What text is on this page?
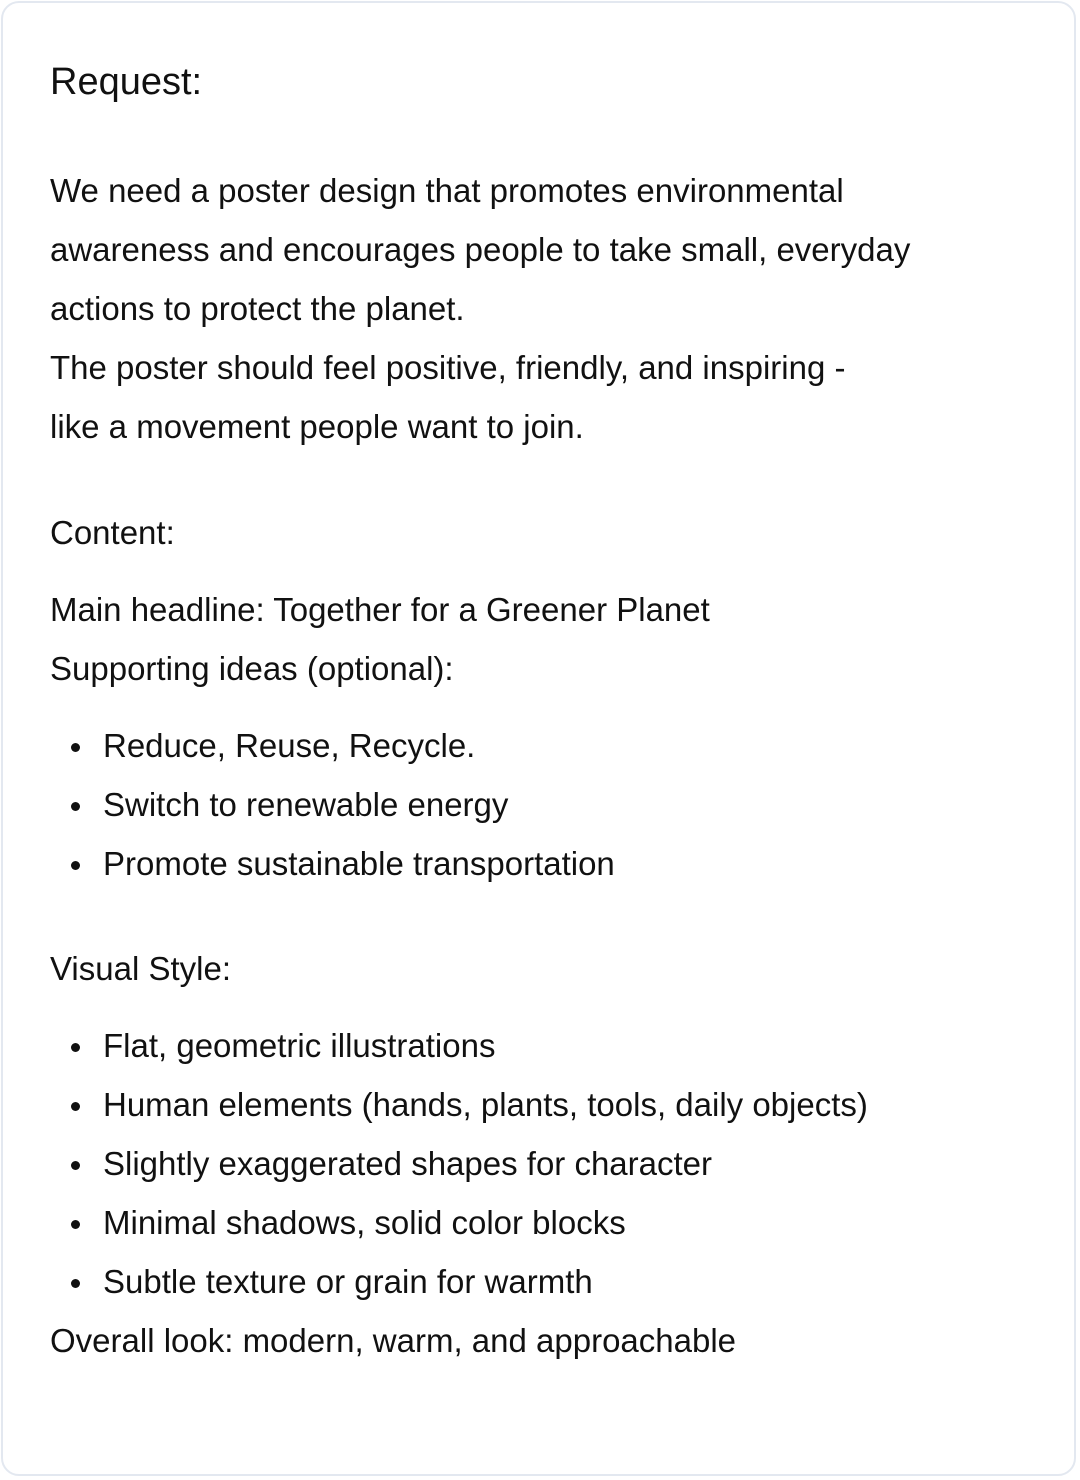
Request:

We need a poster design that promotes environmental

awareness and encourages people to take small, everyday

actions to protect the planet.

The poster should feel positive, friendly, and inspiring -

like a movement people want to join.

Content:

Main headline: Together for a Greener Planet

Supporting ideas (optional):

Reduce, Reuse, Recycle.
Switch to renewable energy
Promote sustainable transportation
Visual Style:
Flat, geometric illustrations
Human elements (hands, plants, tools, daily objects)
Slightly exaggerated shapes for character
Minimal shadows, solid color blocks
Subtle texture or grain for warmth

Overall look: modern, warm, and approachable
